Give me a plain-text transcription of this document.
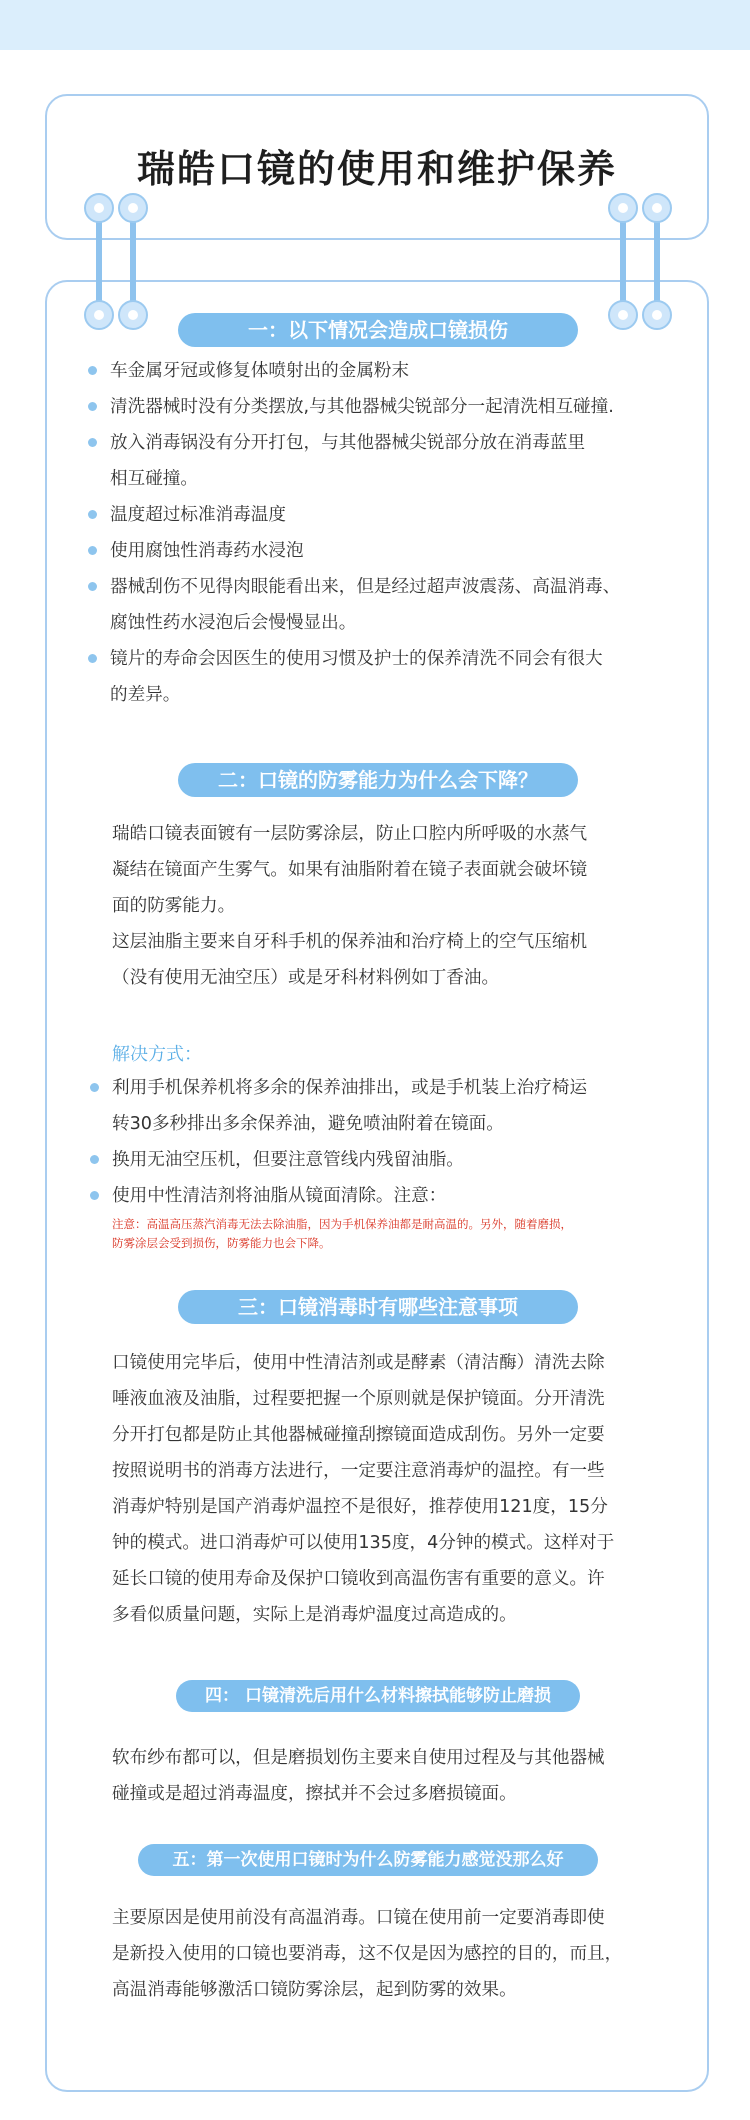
瑞皓口镜的使用和维护保养
一：以下情况会造成口镜损伤
车金属牙冠或修复体喷射出的金属粉末
清洗器械时没有分类摆放,与其他器械尖锐部分一起清洗相互碰撞.
放入消毒锅没有分开打包，与其他器械尖锐部分放在消毒蓝里
相互碰撞。
温度超过标准消毒温度
使用腐蚀性消毒药水浸泡
器械刮伤不见得肉眼能看出来，但是经过超声波震荡、高温消毒、
腐蚀性药水浸泡后会慢慢显出。
镜片的寿命会因医生的使用习惯及护士的保养清洗不同会有很大
的差异。
二：口镜的防雾能力为什么会下降？

瑞皓口镜表面镀有一层防雾涂层，防止口腔内所呼吸的水蒸气

凝结在镜面产生雾气。如果有油脂附着在镜子表面就会破坏镜

面的防雾能力。

这层油脂主要来自牙科手机的保养油和治疗椅上的空气压缩机

（没有使用无油空压）或是牙科材料例如丁香油。

解决方式：
利用手机保养机将多余的保养油排出，或是手机装上治疗椅运
转30多秒排出多余保养油，避免喷油附着在镜面。
换用无油空压机，但要注意管线内残留油脂。
使用中性清洁剂将油脂从镜面清除。注意：
注意：高温高压蒸汽消毒无法去除油脂，因为手机保养油都是耐高温的。另外，随着磨损，
防雾涂层会受到损伤，防雾能力也会下降。
三：口镜消毒时有哪些注意事项

口镜使用完毕后，使用中性清洁剂或是酵素（清洁酶）清洗去除

唾液血液及油脂，过程要把握一个原则就是保护镜面。分开清洗

分开打包都是防止其他器械碰撞刮擦镜面造成刮伤。另外一定要

按照说明书的消毒方法进行，一定要注意消毒炉的温控。有一些

消毒炉特别是国产消毒炉温控不是很好，推荐使用121度，15分

钟的模式。进口消毒炉可以使用135度，4分钟的模式。这样对于

延长口镜的使用寿命及保护口镜收到高温伤害有重要的意义。许

多看似质量问题，实际上是消毒炉温度过高造成的。

四： 口镜清洗后用什么材料擦拭能够防止磨损

软布纱布都可以，但是磨损划伤主要来自使用过程及与其他器械

碰撞或是超过消毒温度，擦拭并不会过多磨损镜面。

五：第一次使用口镜时为什么防雾能力感觉没那么好

主要原因是使用前没有高温消毒。口镜在使用前一定要消毒即使

是新投入使用的口镜也要消毒，这不仅是因为感控的目的，而且，

高温消毒能够激活口镜防雾涂层，起到防雾的效果。
